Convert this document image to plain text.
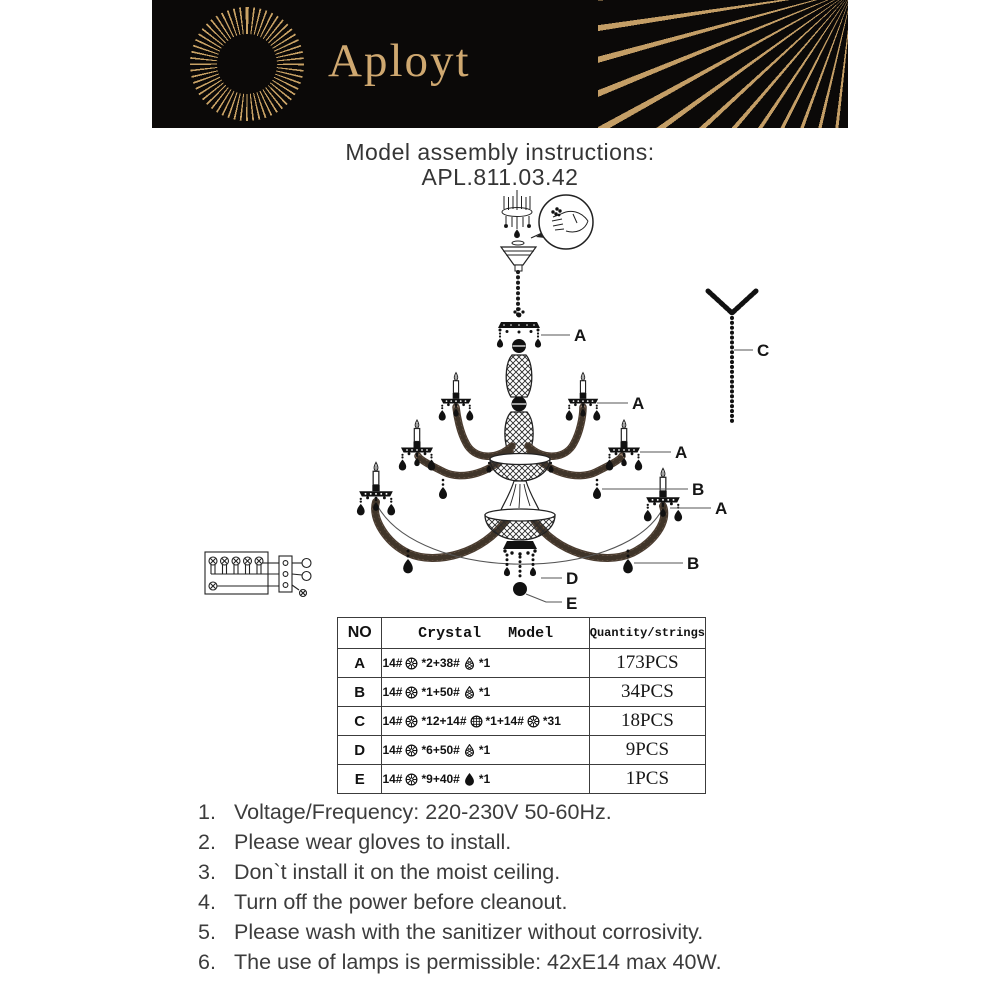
Aployt
Model assembly instructions:
APL.811.03.42
A
A
A
B
A
B
D
E
C
NO	Crystal   Model	Quantity/strings
A	14# *2+38# *1	173PCS
B	14# *1+50# *1	34PCS
C	14# *12+14# *1+14# *31	18PCS
D	14# *6+50# *1	9PCS
E	14# *9+40# *1	1PCS
1. Voltage/Frequency: 220-230V 50-60Hz.
2. Please wear gloves to install.
3. Don`t install it on the moist ceiling.
4. Turn off the power before cleanout.
5. Please wash with the sanitizer without corrosivity.
6. The use of lamps is permissible: 42xE14 max 40W.
